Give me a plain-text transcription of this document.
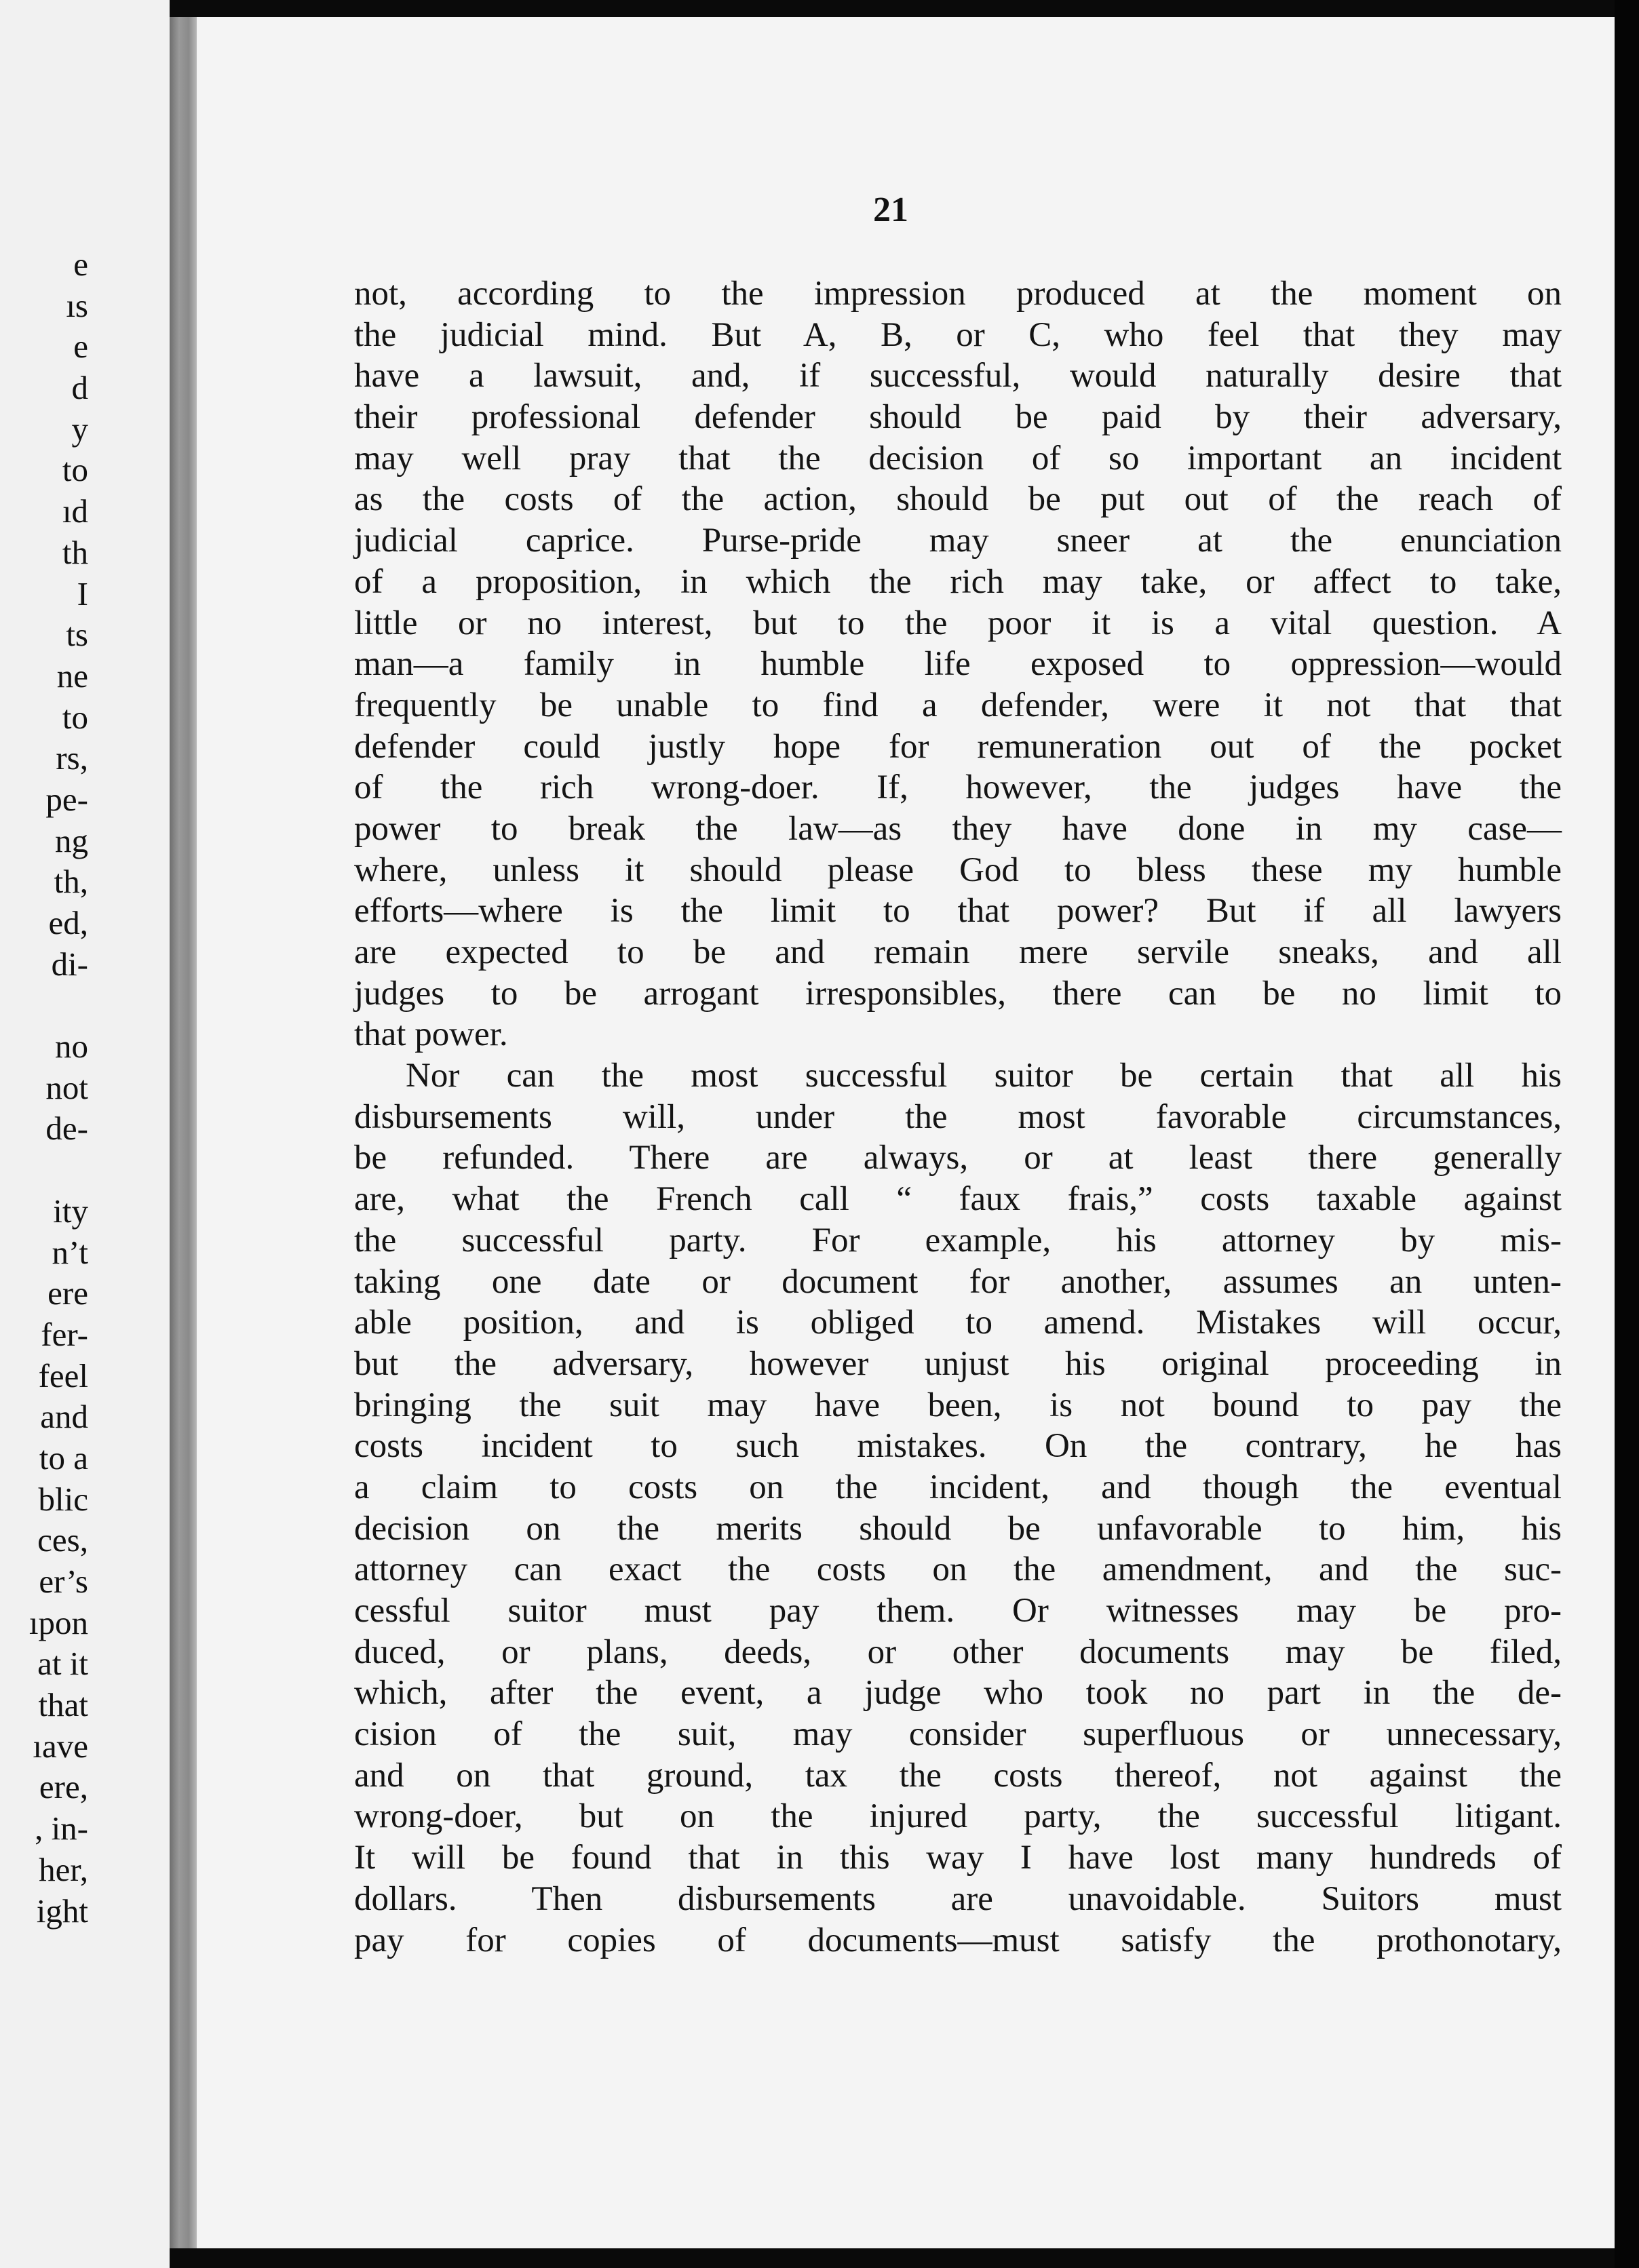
e
ıs
e
d
y
to
ıd
th
I
ts
ne
to
rs,
pe-
ng
th,
ed,
di-
no
not
de-
ity
n’t
ere
fer-
feel
and
to a
blic
ces,
er’s
ıpon
at it
that
ıave
ere,
, in-
her,
ight
21
not, according to the impression produced at the moment on
the judicial mind. But A, B, or C, who feel that they may
have a lawsuit, and, if successful, would naturally desire that
their professional defender should be paid by their adversary,
may well pray that the decision of so important an incident
as the costs of the action, should be put out of the reach of
judicial caprice. Purse-pride may sneer at the enunciation
of a proposition, in which the rich may take, or affect to take,
little or no interest, but to the poor it is a vital question. A
man—a family in humble life exposed to oppression—would
frequently be unable to find a defender, were it not that that
defender could justly hope for remuneration out of the pocket
of the rich wrong-doer. If, however, the judges have the
power to break the law—as they have done in my case—
where, unless it should please God to bless these my humble
efforts—where is the limit to that power? But if all lawyers
are expected to be and remain mere servile sneaks, and all
judges to be arrogant irresponsibles, there can be no limit to
that power.
Nor can the most successful suitor be certain that all his
disbursements will, under the most favorable circumstances,
be refunded. There are always, or at least there generally
are, what the French call “ faux frais,” costs taxable against
the successful party. For example, his attorney by mis-
taking one date or document for another, assumes an unten-
able position, and is obliged to amend. Mistakes will occur,
but the adversary, however unjust his original proceeding in
bringing the suit may have been, is not bound to pay the
costs incident to such mistakes. On the contrary, he has
a claim to costs on the incident, and though the eventual
decision on the merits should be unfavorable to him, his
attorney can exact the costs on the amendment, and the suc-
cessful suitor must pay them. Or witnesses may be pro-
duced, or plans, deeds, or other documents may be filed,
which, after the event, a judge who took no part in the de-
cision of the suit, may consider superfluous or unnecessary,
and on that ground, tax the costs thereof, not against the
wrong-doer, but on the injured party, the successful litigant.
It will be found that in this way I have lost many hundreds of
dollars. Then disbursements are unavoidable. Suitors must
pay for copies of documents—must satisfy the prothonotary,
